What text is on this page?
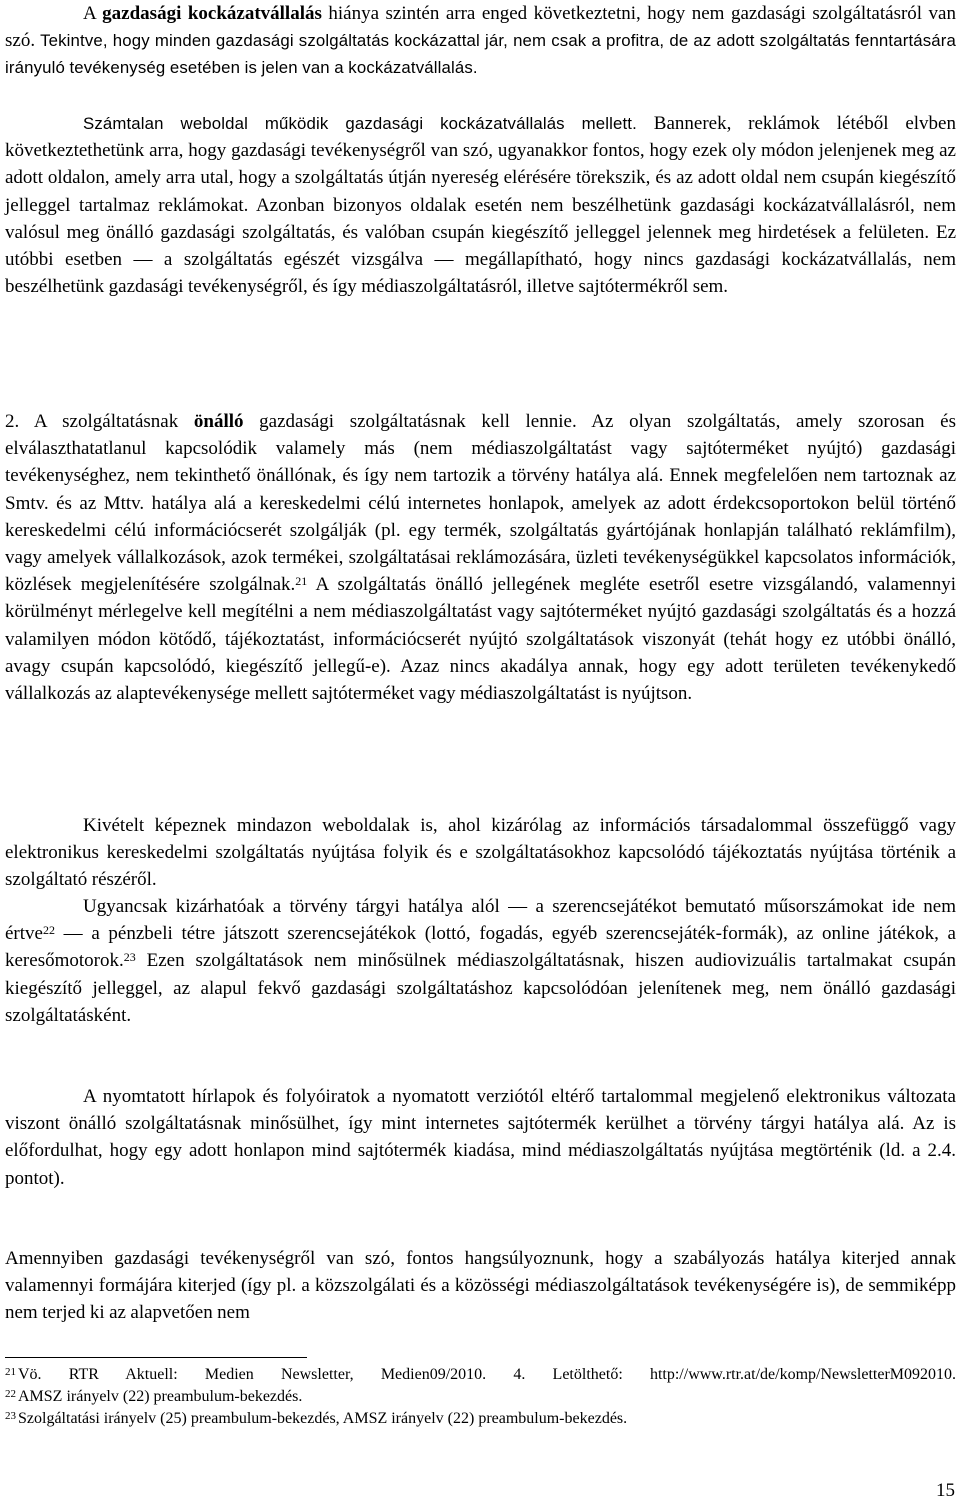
A gazdasági kockázatvállalás hiánya szintén arra enged következtetni, hogy nem gazdasági szolgáltatásról van szó. Tekintve, hogy minden gazdasági szolgáltatás kockázattal jár, nem csak a profitra, de az adott szolgáltatás fenntartására irányuló tevékenység esetében is jelen van a kockázatvállalás.

Számtalan weboldal működik gazdasági kockázatvállalás mellett. Bannerek, reklámok létéből elvben következtethetünk arra, hogy gazdasági tevékenységről van szó, ugyanakkor fontos, hogy ezek oly módon jelenjenek meg az adott oldalon, amely arra utal, hogy a szolgáltatás útján nyereség elérésére törekszik, és az adott oldal nem csupán kiegészítő jelleggel tartalmaz reklámokat. Azonban bizonyos oldalak esetén nem beszélhetünk gazdasági kockázatvállalásról, nem valósul meg önálló gazdasági szolgáltatás, és valóban csupán kiegészítő jelleggel jelennek meg hirdetések a felületen. Ez utóbbi esetben ― a szolgáltatás egészét vizsgálva ― megállapítható, hogy nincs gazdasági kockázatvállalás, nem beszélhetünk gazdasági tevékenységről, és így médiaszolgáltatásról, illetve sajtótermékről sem.

2. A szolgáltatásnak önálló gazdasági szolgáltatásnak kell lennie. Az olyan szolgáltatás, amely szorosan és elválaszthatatlanul kapcsolódik valamely más (nem médiaszolgáltatást vagy sajtóterméket nyújtó) gazdasági tevékenységhez, nem tekinthető önállónak, és így nem tartozik a törvény hatálya alá. Ennek megfelelően nem tartoznak az Smtv. és az Mttv. hatálya alá a kereskedelmi célú internetes honlapok, amelyek az adott érdekcsoportokon belül történő kereskedelmi célú információcserét szolgálják (pl. egy termék, szolgáltatás gyártójának honlapján található reklámfilm), vagy amelyek vállalkozások, azok termékei, szolgáltatásai reklámozására, üzleti tevékenységükkel kapcsolatos információk, közlések megjelenítésére szolgálnak.$^{21}$ A szolgáltatás önálló jellegének megléte esetről esetre vizsgálandó, valamennyi körülményt mérlegelve kell megítélni a nem médiaszolgáltatást vagy sajtóterméket nyújtó gazdasági szolgáltatás és a hozzá valamilyen módon kötődő, tájékoztatást, információcserét nyújtó szolgáltatások viszonyát (tehát hogy ez utóbbi önálló, avagy csupán kapcsolódó, kiegészítő jellegű-e). Azaz nincs akadálya annak, hogy egy adott területen tevékenykedő vállalkozás az alaptevékenysége mellett sajtóterméket vagy médiaszolgáltatást is nyújtson.

Kivételt képeznek mindazon weboldalak is, ahol kizárólag az információs társadalommal összefüggő vagy elektronikus kereskedelmi szolgáltatás nyújtása folyik és e szolgáltatásokhoz kapcsolódó tájékoztatás nyújtása történik a szolgáltató részéről.

Ugyancsak kizárhatóak a törvény tárgyi hatálya alól ― a szerencsejátékot bemutató műsorszámokat ide nem értve$^{22}$ ― a pénzbeli tétre játszott szerencsejátékok (lottó, fogadás, egyéb szerencsejáték-formák), az online játékok, a keresőmotorok.$^{23}$ Ezen szolgáltatások nem minősülnek médiaszolgáltatásnak, hiszen audiovizuális tartalmakat csupán kiegészítő jelleggel, az alapul fekvő gazdasági szolgáltatáshoz kapcsolódóan jelenítenek meg, nem önálló gazdasági szolgáltatásként.

A nyomtatott hírlapok és folyóiratok a nyomatott verziótól eltérő tartalommal megjelenő elektronikus változata viszont önálló szolgáltatásnak minősülhet, így mint internetes sajtótermék kerülhet a törvény tárgyi hatálya alá. Az is előfordulhat, hogy egy adott honlapon mind sajtótermék kiadása, mind médiaszolgáltatás nyújtása megtörténik (ld. a 2.4. pontot).

Amennyiben gazdasági tevékenységről van szó, fontos hangsúlyoznunk, hogy a szabályozás hatálya kiterjed annak valamennyi formájára kiterjed (így pl. a közszolgálati és a közösségi médiaszolgáltatások tevékenységére is), de semmiképp nem terjed ki az alapvetően nem

$^{21}$ Vö. RTR Aktuell: Medien Newsletter, Medien09/2010. 4. Letölthető: http://www.rtr.at/de/komp/NewsletterM092010.

$^{22}$ AMSZ irányelv (22) preambulum-bekezdés.

$^{23}$ Szolgáltatási irányelv (25) preambulum-bekezdés, AMSZ irányelv (22) preambulum-bekezdés.

15
